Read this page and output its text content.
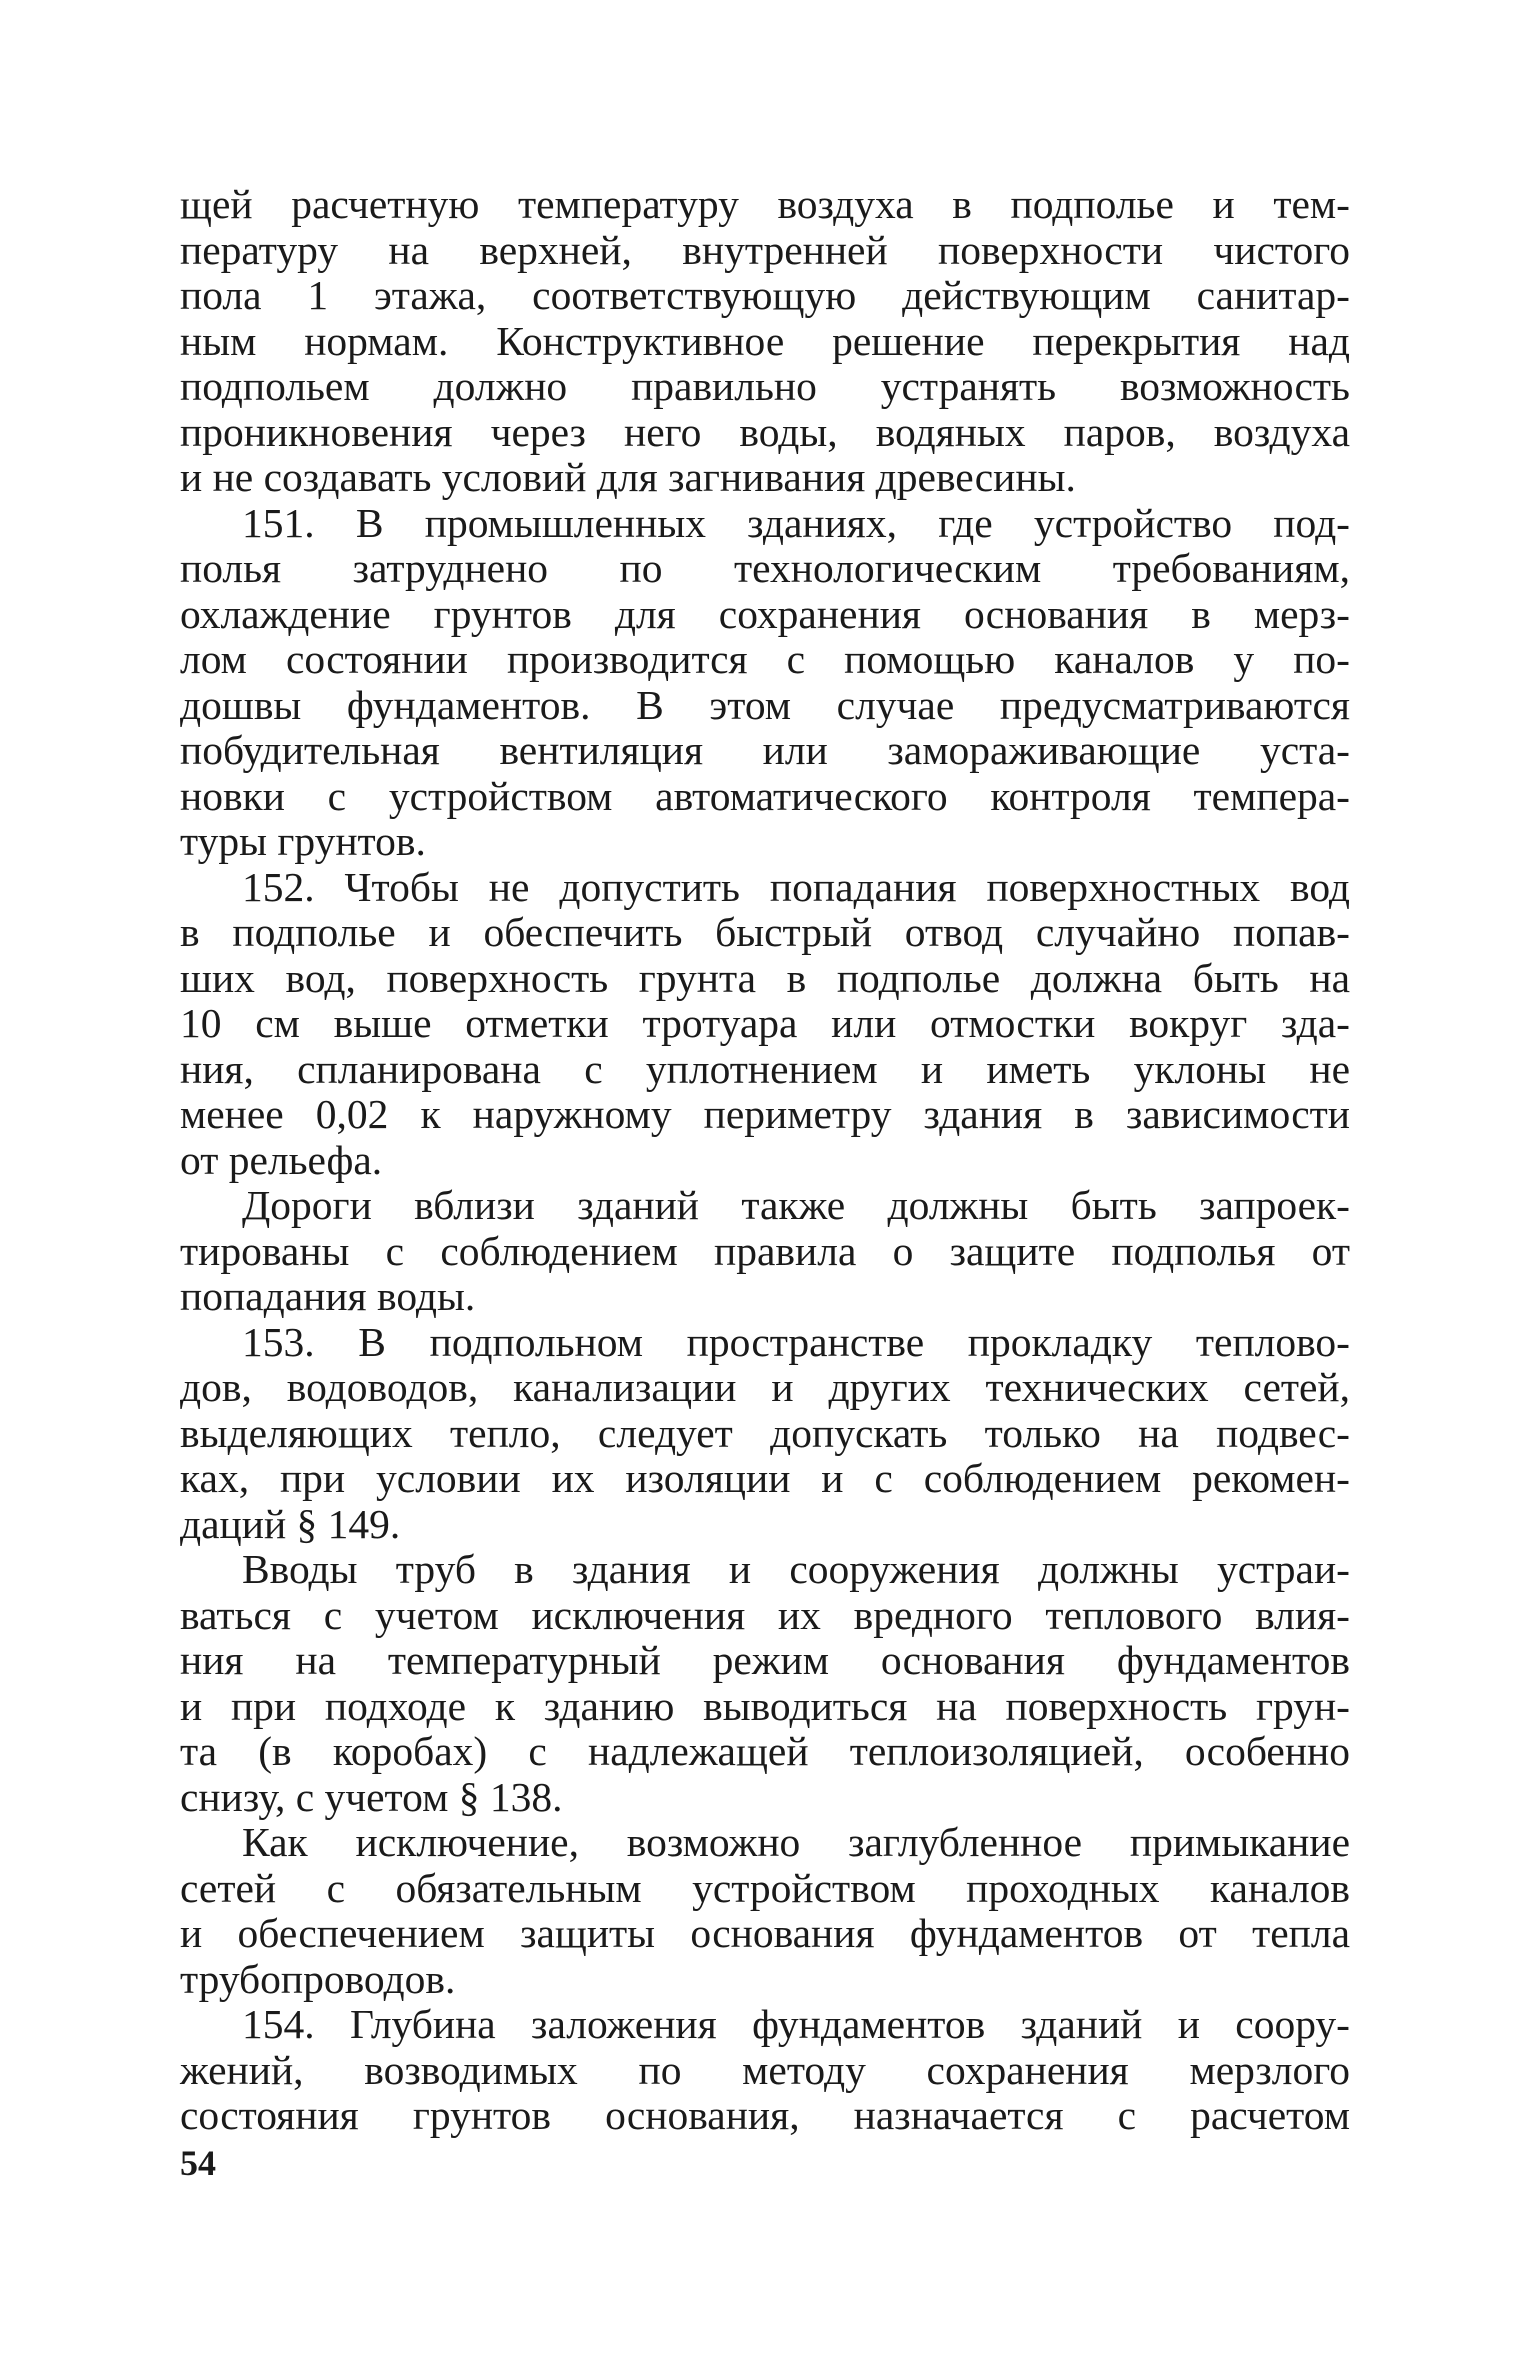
щей расчетную температуру воздуха в подполье и тем-
пературу на верхней, внутренней поверхности чистого
пола 1 этажа, соответствующую действующим санитар-
ным нормам. Конструктивное решение перекрытия над
подпольем должно правильно устранять возможность
проникновения через него воды, водяных паров, воздуха
и не создавать условий для загнивания древесины.
151. В промышленных зданиях, где устройство под-
полья затруднено по технологическим требованиям,
охлаждение грунтов для сохранения основания в мерз-
лом состоянии производится с помощью каналов у по-
дошвы фундаментов. В этом случае предусматриваются
побудительная вентиляция или замораживающие уста-
новки с устройством автоматического контроля темпера-
туры грунтов.
152. Чтобы не допустить попадания поверхностных вод
в подполье и обеспечить быстрый отвод случайно попав-
ших вод, поверхность грунта в подполье должна быть на
10 см выше отметки тротуара или отмостки вокруг зда-
ния, спланирована с уплотнением и иметь уклоны не
менее 0,02 к наружному периметру здания в зависимости
от рельефа.
Дороги вблизи зданий также должны быть запроек-
тированы с соблюдением правила о защите подполья от
попадания воды.
153. В подпольном пространстве прокладку теплово-
дов, водоводов, канализации и других технических сетей,
выделяющих тепло, следует допускать только на подвес-
ках, при условии их изоляции и с соблюдением рекомен-
даций § 149.
Вводы труб в здания и сооружения должны устраи-
ваться с учетом исключения их вредного теплового влия-
ния на температурный режим основания фундаментов
и при подходе к зданию выводиться на поверхность грун-
та (в коробах) с надлежащей теплоизоляцией, особенно
снизу, с учетом § 138.
Как исключение, возможно заглубленное примыкание
сетей с обязательным устройством проходных каналов
и обеспечением защиты основания фундаментов от тепла
трубопроводов.
154. Глубина заложения фундаментов зданий и соору-
жений, возводимых по методу сохранения мерзлого
состояния грунтов основания, назначается с расчетом
54
